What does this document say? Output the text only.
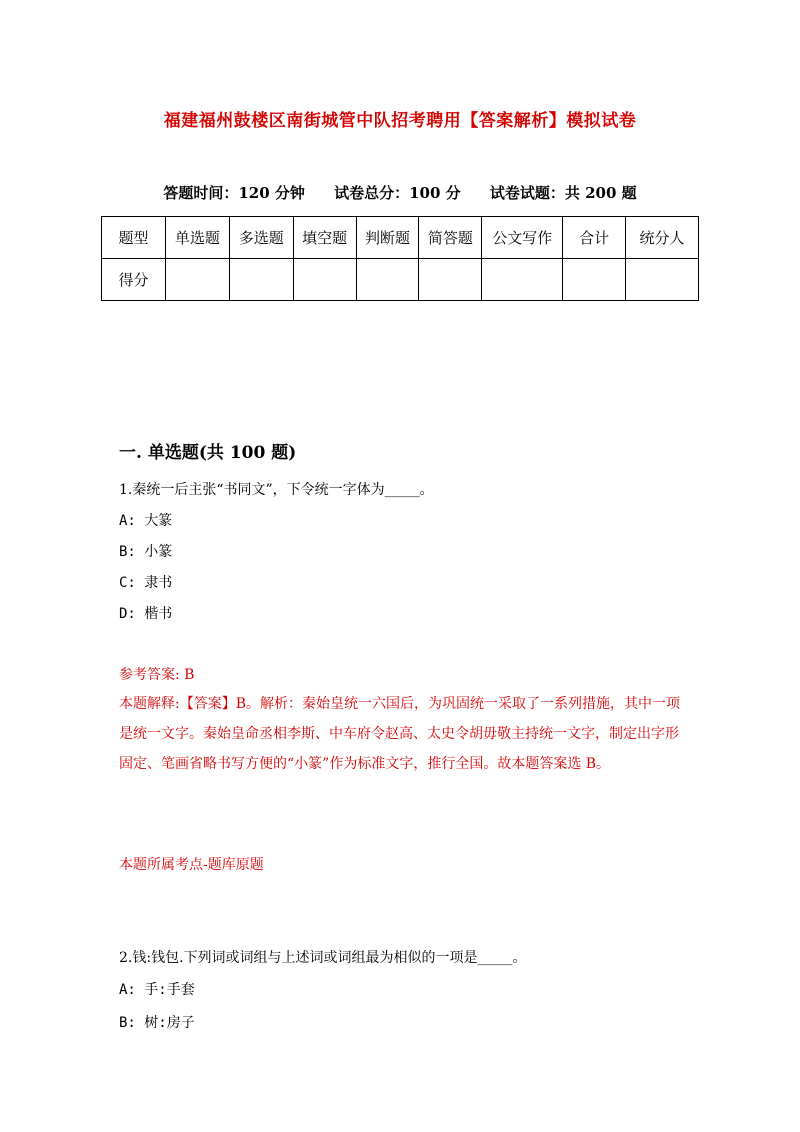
福建福州鼓楼区南街城管中队招考聘用【答案解析】模拟试卷
答题时间：120 分钟 试卷总分：100 分 试卷试题：共 200 题
题型	单选题	多选题	填空题	判断题	简答题	公文写作	合计	统分人
得分								
一. 单选题(共 100 题)
1.秦统一后主张“书同文”，下令统一字体为_____。
A: 大篆
B: 小篆
C: 隶书
D: 楷书
参考答案: B
本题解释:【答案】B。解析：秦始皇统一六国后，为巩固统一采取了一系列措施，其中一项是统一文字。秦始皇命丞相李斯、中车府令赵高、太史令胡毋敬主持统一文字，制定出字形固定、笔画省略书写方便的“小篆”作为标准文字，推行全国。故本题答案选 B。
本题所属考点-题库原题
2.钱:钱包.下列词或词组与上述词或词组最为相似的一项是_____。
A: 手:手套
B: 树:房子
